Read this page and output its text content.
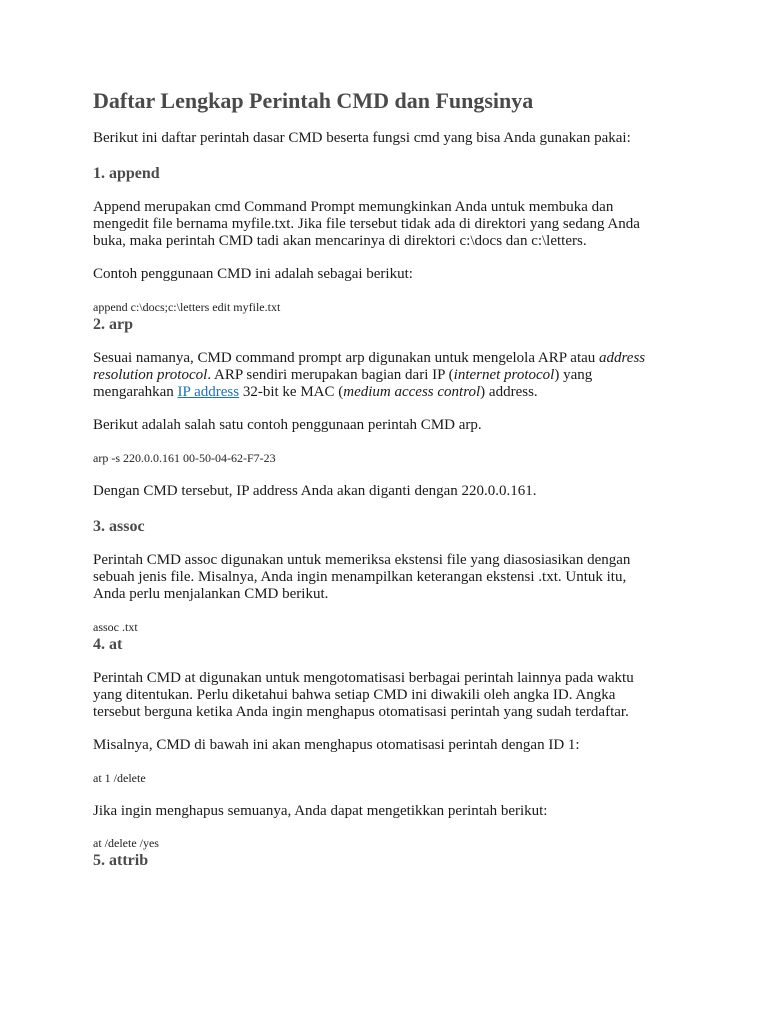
Daftar Lengkap Perintah CMD dan Fungsinya

Berikut ini daftar perintah dasar CMD beserta fungsi cmd yang bisa Anda gunakan pakai:

1. append

Append merupakan cmd Command Prompt memungkinkan Anda untuk membuka dan

mengedit file bernama myfile.txt. Jika file tersebut tidak ada di direktori yang sedang Anda

buka, maka perintah CMD tadi akan mencarinya di direktori c:\docs dan c:\letters.

Contoh penggunaan CMD ini adalah sebagai berikut:

append c:\docs;c:\letters edit myfile.txt
2. arp

Sesuai namanya, CMD command prompt arp digunakan untuk mengelola ARP atau address

resolution protocol. ARP sendiri merupakan bagian dari IP (internet protocol) yang

mengarahkan IP address 32-bit ke MAC (medium access control) address.

Berikut adalah salah satu contoh penggunaan perintah CMD arp.

arp -s 220.0.0.161 00-50-04-62-F7-23

Dengan CMD tersebut, IP address Anda akan diganti dengan 220.0.0.161.

3. assoc

Perintah CMD assoc digunakan untuk memeriksa ekstensi file yang diasosiasikan dengan

sebuah jenis file. Misalnya, Anda ingin menampilkan keterangan ekstensi .txt. Untuk itu,

Anda perlu menjalankan CMD berikut.

assoc .txt
4. at

Perintah CMD at digunakan untuk mengotomatisasi berbagai perintah lainnya pada waktu

yang ditentukan. Perlu diketahui bahwa setiap CMD ini diwakili oleh angka ID. Angka

tersebut berguna ketika Anda ingin menghapus otomatisasi perintah yang sudah terdaftar.

Misalnya, CMD di bawah ini akan menghapus otomatisasi perintah dengan ID 1:

at 1 /delete

Jika ingin menghapus semuanya, Anda dapat mengetikkan perintah berikut:

at /delete /yes
5. attrib
